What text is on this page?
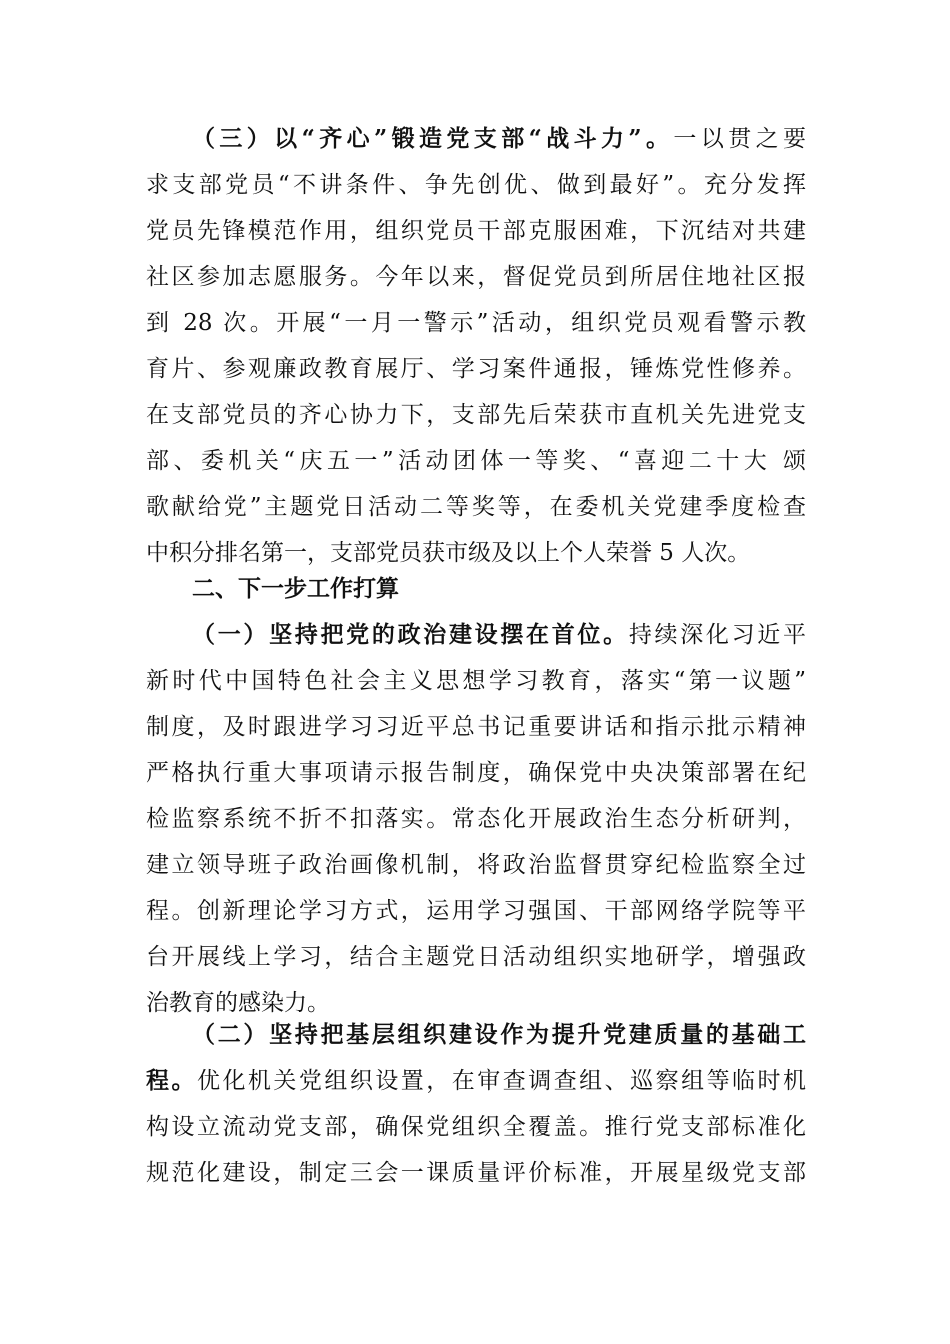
（三）以“齐心”锻造党支部“战斗力”。一以贯之要
求支部党员“不讲条件、争先创优、做到最好”。充分发挥
党员先锋模范作用，组织党员干部克服困难，下沉结对共建
社区参加志愿服务。今年以来，督促党员到所居住地社区报
到 28 次。开展“一月一警示”活动，组织党员观看警示教
育片、参观廉政教育展厅、学习案件通报，锤炼党性修养。
在支部党员的齐心协力下，支部先后荣获市直机关先进党支
部、委机关“庆五一”活动团体一等奖、“喜迎二十大 颂
歌献给党”主题党日活动二等奖等，在委机关党建季度检查
中积分排名第一，支部党员获市级及以上个人荣誉 5 人次。
二、下一步工作打算
（一）坚持把党的政治建设摆在首位。持续深化习近平
新时代中国特色社会主义思想学习教育，落实“第一议题”
制度，及时跟进学习习近平总书记重要讲话和指示批示精神
严格执行重大事项请示报告制度，确保党中央决策部署在纪
检监察系统不折不扣落实。常态化开展政治生态分析研判，
建立领导班子政治画像机制，将政治监督贯穿纪检监察全过
程。创新理论学习方式，运用学习强国、干部网络学院等平
台开展线上学习，结合主题党日活动组织实地研学，增强政
治教育的感染力。
（二）坚持把基层组织建设作为提升党建质量的基础工
程。优化机关党组织设置，在审查调查组、巡察组等临时机
构设立流动党支部，确保党组织全覆盖。推行党支部标准化
规范化建设，制定三会一课质量评价标准，开展星级党支部
